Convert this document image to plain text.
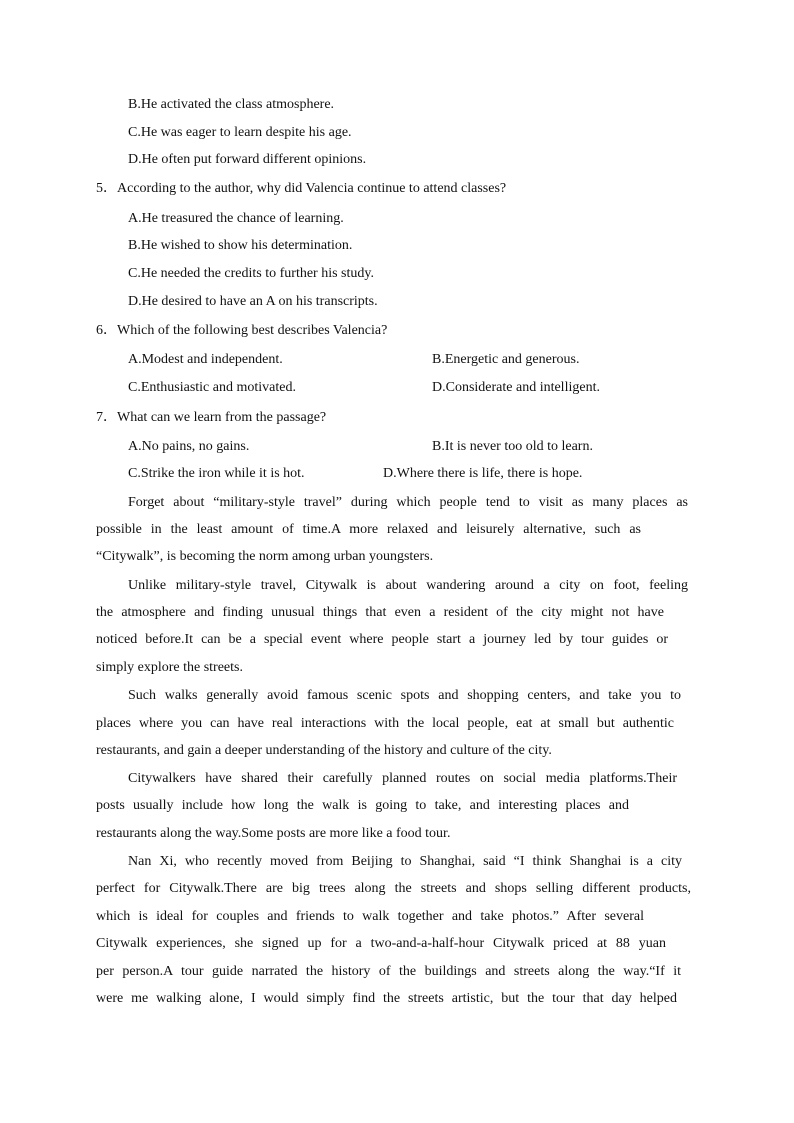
B.He activated the class atmosphere.
C.He was eager to learn despite his age.
D.He often put forward different opinions.
5．According to the author, why did Valencia continue to attend classes?
A.He treasured the chance of learning.
B.He wished to show his determination.
C.He needed the credits to further his study.
D.He desired to have an A on his transcripts.
6．Which of the following best describes Valencia?
A.Modest and independent.	B.Energetic and generous.
C.Enthusiastic and motivated.	D.Considerate and intelligent.
7．What can we learn from the passage?
A.No pains, no gains.	B.It is never too old to learn.
C.Strike the iron while it is hot.	D.Where there is life, there is hope.
Forget about “military-style travel” during which people tend to visit as many places as
possible in the least amount of time.A more relaxed and leisurely alternative, such as
“Citywalk”, is becoming the norm among urban youngsters.
Unlike military-style travel, Citywalk is about wandering around a city on foot, feeling
the atmosphere and finding unusual things that even a resident of the city might not have
noticed before.It can be a special event where people start a journey led by tour guides or
simply explore the streets.
Such walks generally avoid famous scenic spots and shopping centers, and take you to
places where you can have real interactions with the local people, eat at small but authentic
restaurants, and gain a deeper understanding of the history and culture of the city.
Citywalkers have shared their carefully planned routes on social media platforms.Their
posts usually include how long the walk is going to take, and interesting places and
restaurants along the way.Some posts are more like a food tour.
Nan Xi, who recently moved from Beijing to Shanghai, said “I think Shanghai is a city
perfect for Citywalk.There are big trees along the streets and shops selling different products,
which is ideal for couples and friends to walk together and take photos.” After several
Citywalk experiences, she signed up for a two-and-a-half-hour Citywalk priced at 88 yuan
per person.A tour guide narrated the history of the buildings and streets along the way.“If it
were me walking alone, I would simply find the streets artistic, but the tour that day helped
